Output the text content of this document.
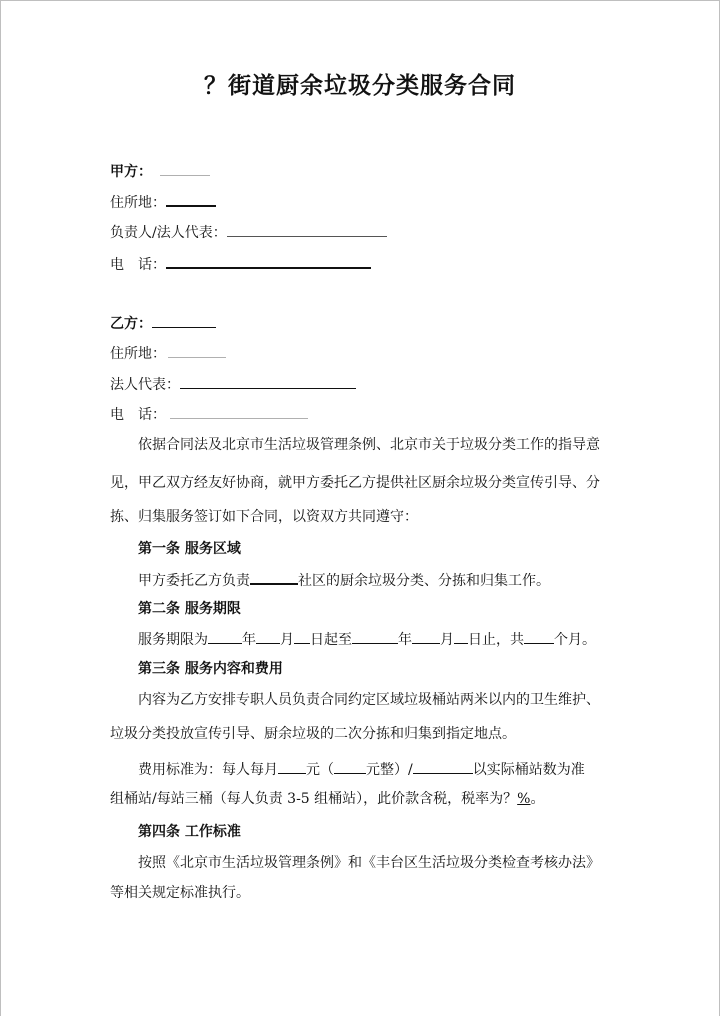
？街道厨余垃圾分类服务合同
甲方：
住所地：
负责人/法人代表：
电　话：
乙方：
住所地：
法人代表：
电　话：
依据合同法及北京市生活垃圾管理条例、北京市关于垃圾分类工作的指导意
见，甲乙双方经友好协商，就甲方委托乙方提供社区厨余垃圾分类宣传引导、分
拣、归集服务签订如下合同，以资双方共同遵守：
第一条 服务区域
甲方委托乙方负责	社区的厨余垃圾分类、分拣和归集工作。
第二条 服务期限
服务期限为 年 月 日起至	年 月 日止，共 个月。
第三条 服务内容和费用
内容为乙方安排专职人员负责合同约定区域垃圾桶站两米以内的卫生维护、
垃圾分类投放宣传引导、厨余垃圾的二次分拣和归集到指定地点。
费用标准为：每人每月 元（ 元整）/	以实际桶站数为准
组桶站/每站三桶（每人负责 3-5 组桶站），此价款含税，税率为？%。
第四条 工作标准
按照《北京市生活垃圾管理条例》和《丰台区生活垃圾分类检查考核办法》
等相关规定标准执行。
